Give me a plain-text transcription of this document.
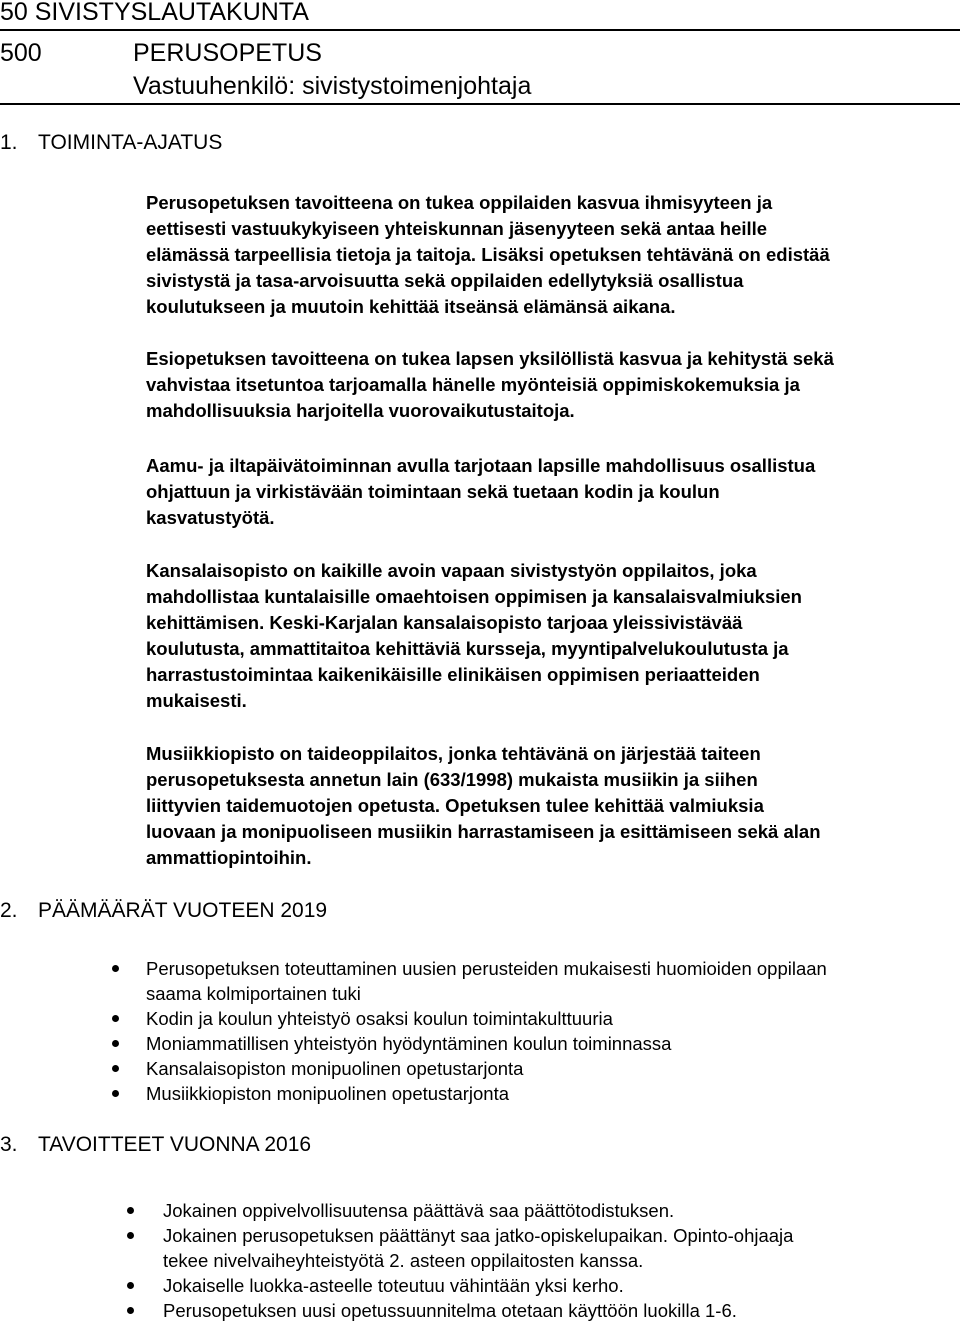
50 SIVISTYSLAUTAKUNTA
500	PERUSOPETUS
Vastuuhenkilö: sivistystoimenjohtaja
1. TOIMINTA-AJATUS
Perusopetuksen tavoitteena on tukea oppilaiden kasvua ihmisyyteen ja
eettisesti vastuukykyiseen yhteiskunnan jäsenyyteen sekä antaa heille
elämässä tarpeellisia tietoja ja taitoja. Lisäksi opetuksen tehtävänä on edistää
sivistystä ja tasa-arvoisuutta sekä oppilaiden edellytyksiä osallistua
koulutukseen ja muutoin kehittää itseänsä elämänsä aikana.
Esiopetuksen tavoitteena on tukea lapsen yksilöllistä kasvua ja kehitystä sekä
vahvistaa itsetuntoa tarjoamalla hänelle myönteisiä oppimiskokemuksia ja
mahdollisuuksia harjoitella vuorovaikutustaitoja.
Aamu- ja iltapäivätoiminnan avulla tarjotaan lapsille mahdollisuus osallistua
ohjattuun ja virkistävään toimintaan sekä tuetaan kodin ja koulun
kasvatustyötä.
Kansalaisopisto on kaikille avoin vapaan sivistystyön oppilaitos, joka
mahdollistaa kuntalaisille omaehtoisen oppimisen ja kansalaisvalmiuksien
kehittämisen. Keski-Karjalan kansalaisopisto tarjoaa yleissivistävää
koulutusta, ammattitaitoa kehittäviä kursseja, myyntipalvelukoulutusta ja
harrastustoimintaa kaikenikäisille elinikäisen oppimisen periaatteiden
mukaisesti.
Musiikkiopisto on taideoppilaitos, jonka tehtävänä on järjestää taiteen
perusopetuksesta annetun lain (633/1998) mukaista musiikin ja siihen
liittyvien taidemuotojen opetusta. Opetuksen tulee kehittää valmiuksia
luovaan ja monipuoliseen musiikin harrastamiseen ja esittämiseen sekä alan
ammattiopintoihin.
2. PÄÄMÄÄRÄT VUOTEEN 2019
Perusopetuksen toteuttaminen uusien perusteiden mukaisesti huomioiden oppilaan
saama kolmiportainen tuki
Kodin ja koulun yhteistyö osaksi koulun toimintakulttuuria
Moniammatillisen yhteistyön hyödyntäminen koulun toiminnassa
Kansalaisopiston monipuolinen opetustarjonta
Musiikkiopiston monipuolinen opetustarjonta
3. TAVOITTEET VUONNA 2016
Jokainen oppivelvollisuutensa päättävä saa päättötodistuksen.
Jokainen perusopetuksen päättänyt saa jatko-opiskelupaikan. Opinto-ohjaaja
tekee nivelvaiheyhteistyötä 2. asteen oppilaitosten kanssa.
Jokaiselle luokka-asteelle toteutuu vähintään yksi kerho.
Perusopetuksen uusi opetussuunnitelma otetaan käyttöön luokilla 1-6.
